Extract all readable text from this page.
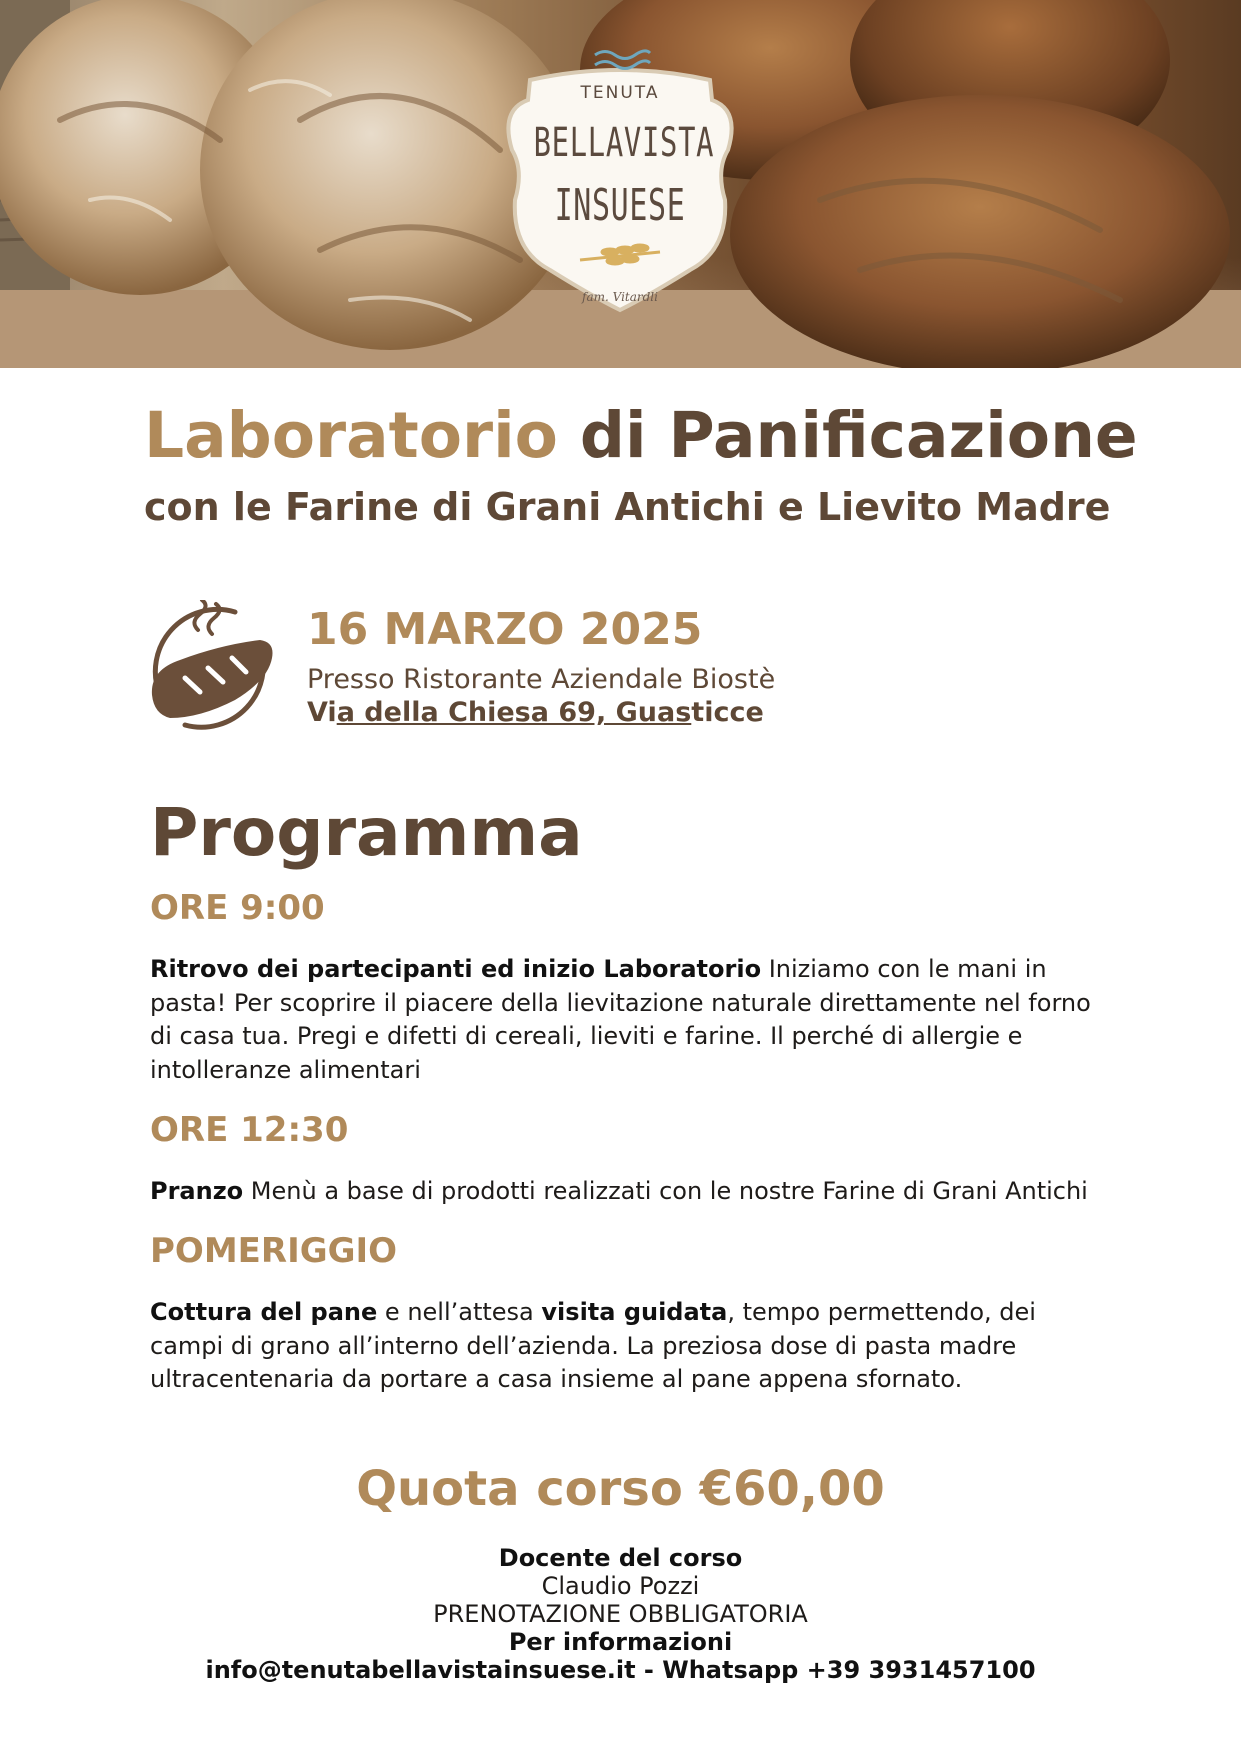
TENUTA
BELLAVISTA
INSUESE
fam. Vitardli
Laboratorio di Panificazione
con le Farine di Grani Antichi e Lievito Madre
16 MARZO 2025
Presso Ristorante Aziendale Biostè
Via della Chiesa 69, Guasticce
Programma
ORE 9:00
Ritrovo dei partecipanti ed inizio Laboratorio Iniziamo con le mani in pasta! Per scoprire il piacere della lievitazione naturale direttamente nel forno di casa tua. Pregi e difetti di cereali, lieviti e farine. Il perché di allergie e intolleranze alimentari
ORE 12:30
Pranzo Menù a base di prodotti realizzati con le nostre Farine di Grani Antichi
POMERIGGIO
Cottura del pane e nell’attesa visita guidata, tempo permettendo, dei campi di grano all’interno dell’azienda. La preziosa dose di pasta madre ultracentenaria da portare a casa insieme al pane appena sfornato.
Quota corso €60,00
Docente del corso
Claudio Pozzi
PRENOTAZIONE OBBLIGATORIA
Per informazioni
info@tenutabellavistainsuese.it - Whatsapp +39 3931457100
